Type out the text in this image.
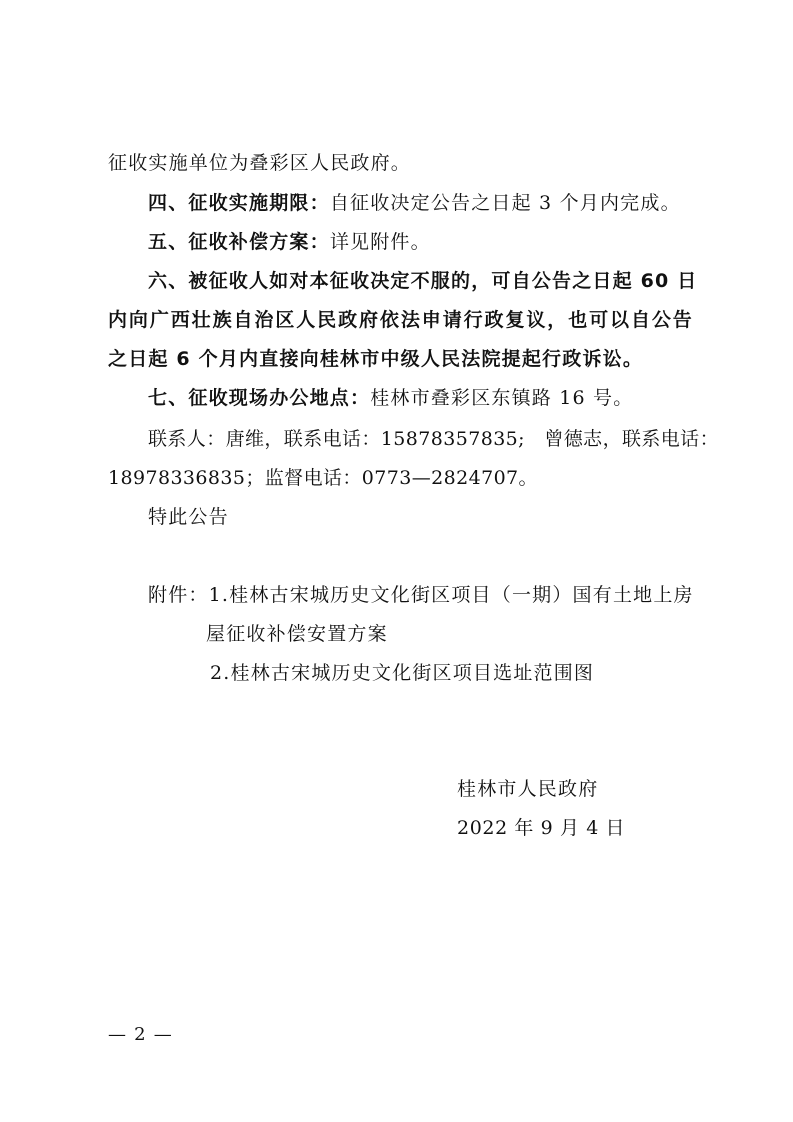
征收实施单位为叠彩区人民政府。
四、征收实施期限：自征收决定公告之日起 3 个月内完成。
五、征收补偿方案：详见附件。
六、被征收人如对本征收决定不服的，可自公告之日起 60 日
内向广西壮族自治区人民政府依法申请行政复议，也可以自公告
之日起 6 个月内直接向桂林市中级人民法院提起行政诉讼。
七、征收现场办公地点：桂林市叠彩区东镇路 16 号。
联系人：唐维，联系电话：15878357835;　曾德志，联系电话：
18978336835；监督电话：0773—2824707。
特此公告
附件：1.桂林古宋城历史文化街区项目（一期）国有土地上房
屋征收补偿安置方案
2.桂林古宋城历史文化街区项目选址范围图
桂林市人民政府
2022 年 9 月 4 日
— 2 —
